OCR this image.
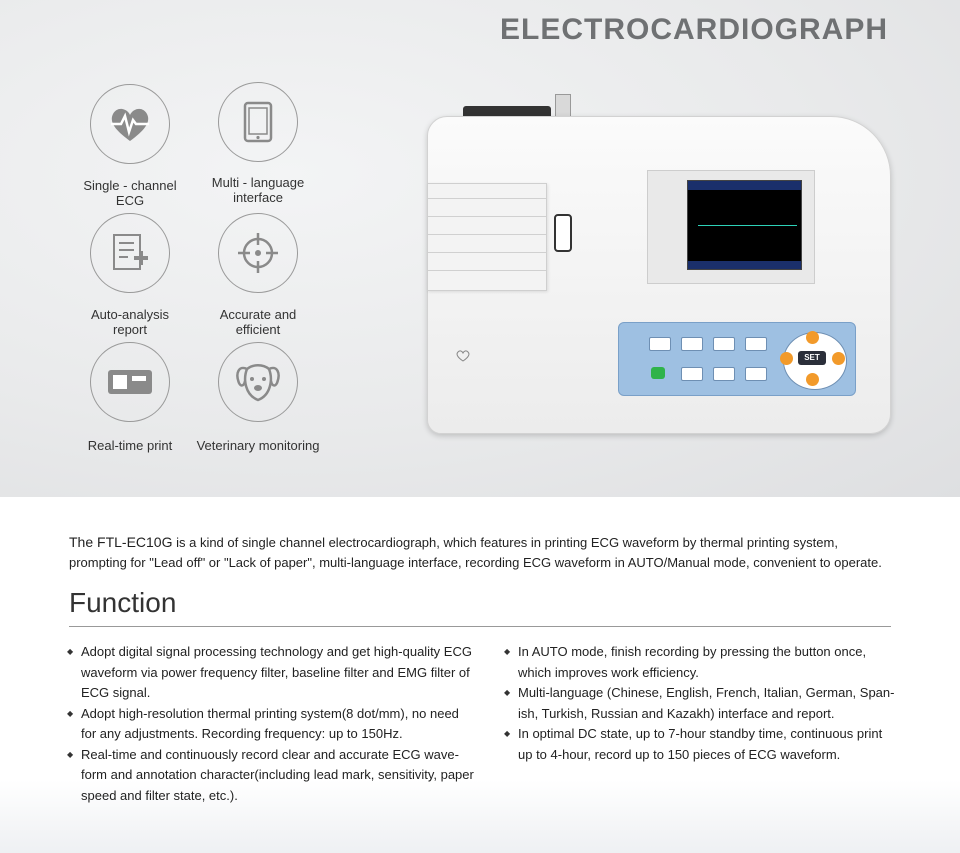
ELECTROCARDIOGRAPH
Single - channel
ECG
Multi - language
interface
Auto-analysis
report
Accurate and
efficient
Real-time print	Veterinary monitoring
SET
The FTL-EC10G is a kind of single channel electrocardiograph, which features in printing ECG waveform by thermal printing system, prompting for "Lead off" or "Lack of paper", multi-language interface, recording ECG waveform in AUTO/Manual mode, convenient to operate.
Function
◆ Adopt digital signal processing technology and get high-quality ECG waveform via power frequency filter, baseline filter and EMG filter of ECG signal.
◆ Adopt high-resolution thermal printing system(8 dot/mm), no need for any adjustments. Recording frequency: up to 150Hz.
◆ Real-time and continuously record clear and accurate ECG wave-form and annotation character(including lead mark, sensitivity, paper speed and filter state, etc.).
◆ In AUTO mode, finish recording by pressing the button once, which improves work efficiency.
◆ Multi-language (Chinese, English, French, Italian, German, Span-ish, Turkish, Russian and Kazakh) interface and report.
◆ In optimal DC state, up to 7-hour standby time, continuous print up to 4-hour, record up to 150 pieces of ECG waveform.
